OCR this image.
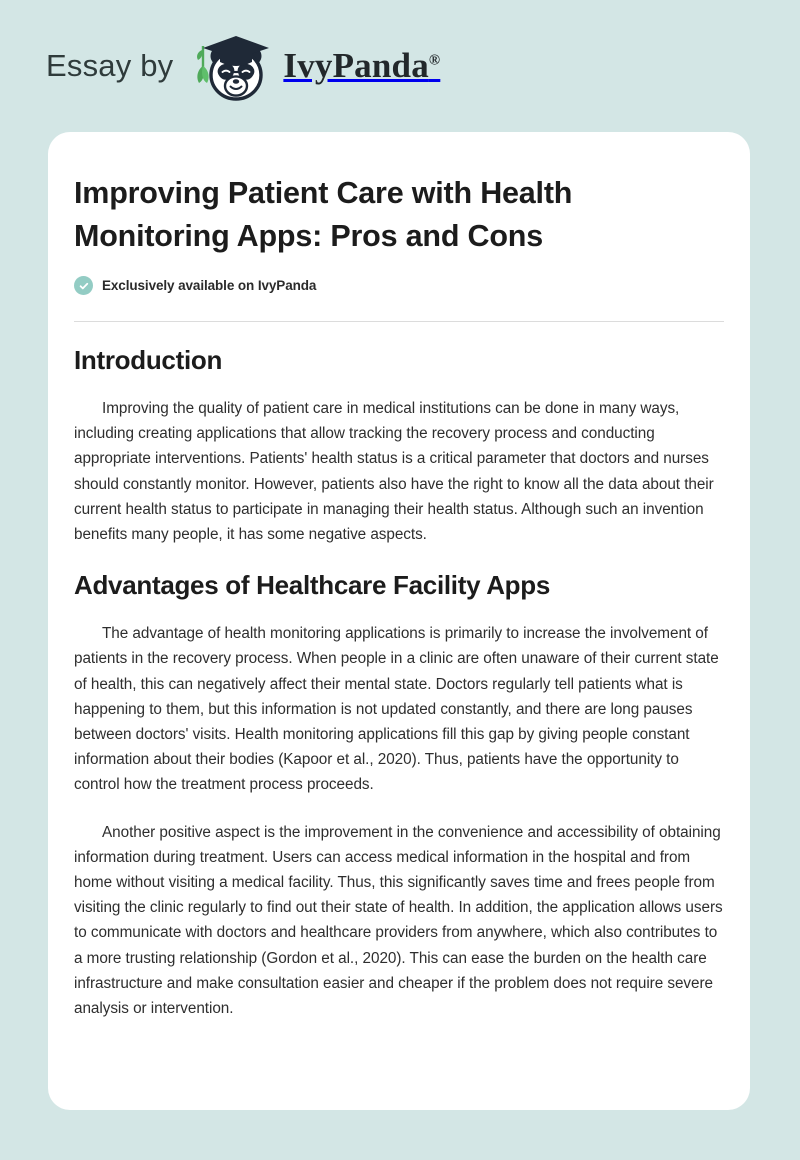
Essay by	IvyPanda®
Improving Patient Care with Health Monitoring Apps: Pros and Cons
Exclusively available on IvyPanda
Introduction

Improving the quality of patient care in medical institutions can be done in many ways, including creating applications that allow tracking the recovery process and conducting appropriate interventions. Patients' health status is a critical parameter that doctors and nurses should constantly monitor. However, patients also have the right to know all the data about their current health status to participate in managing their health status. Although such an invention benefits many people, it has some negative aspects.

Advantages of Healthcare Facility Apps

The advantage of health monitoring applications is primarily to increase the involvement of patients in the recovery process. When people in a clinic are often unaware of their current state of health, this can negatively affect their mental state. Doctors regularly tell patients what is happening to them, but this information is not updated constantly, and there are long pauses between doctors' visits. Health monitoring applications fill this gap by giving people constant information about their bodies (Kapoor et al., 2020). Thus, patients have the opportunity to control how the treatment process proceeds.

Another positive aspect is the improvement in the convenience and accessibility of obtaining information during treatment. Users can access medical information in the hospital and from home without visiting a medical facility. Thus, this significantly saves time and frees people from visiting the clinic regularly to find out their state of health. In addition, the application allows users to communicate with doctors and healthcare providers from anywhere, which also contributes to a more trusting relationship (Gordon et al., 2020). This can ease the burden on the health care infrastructure and make consultation easier and cheaper if the problem does not require severe analysis or intervention.
